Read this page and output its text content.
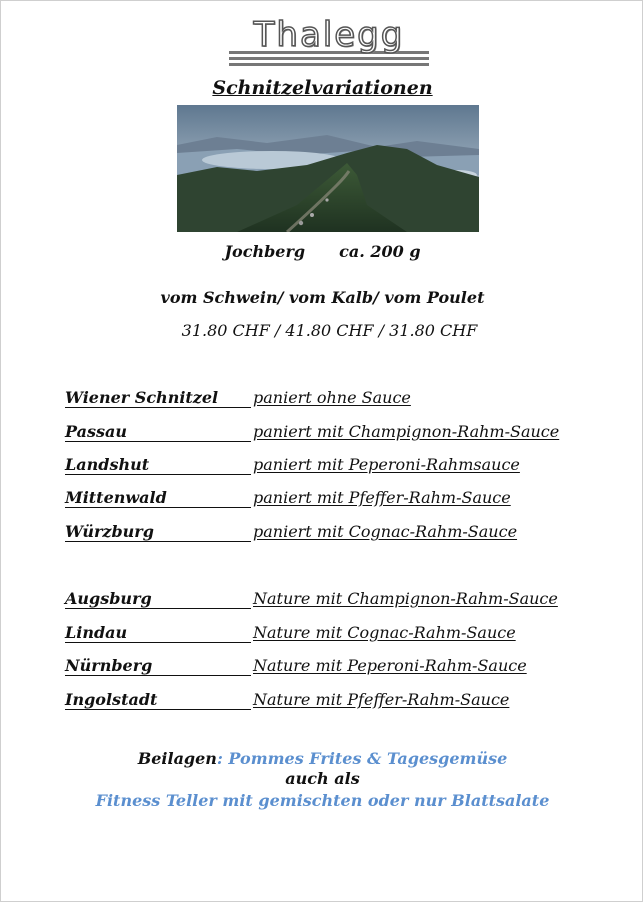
Thalegg
Schnitzelvariationen
Jochberg ca. 200 g
vom Schwein/ vom Kalb/ vom Poulet
31.80 CHF / 41.80 CHF / 31.80 CHF
Wiener Schnitzel	paniert ohne Sauce
Passau	paniert mit Champignon-Rahm-Sauce
Landshut	paniert mit Peperoni-Rahmsauce
Mittenwald	paniert mit Pfeffer-Rahm-Sauce
Würzburg	paniert mit Cognac-Rahm-Sauce
Augsburg	Nature mit Champignon-Rahm-Sauce
Lindau	Nature mit Cognac-Rahm-Sauce
Nürnberg	Nature mit Peperoni-Rahm-Sauce
Ingolstadt	Nature mit Pfeffer-Rahm-Sauce
Beilagen: Pommes Frites & Tagesgemüse
auch als
Fitness Teller mit gemischten oder nur Blattsalate
